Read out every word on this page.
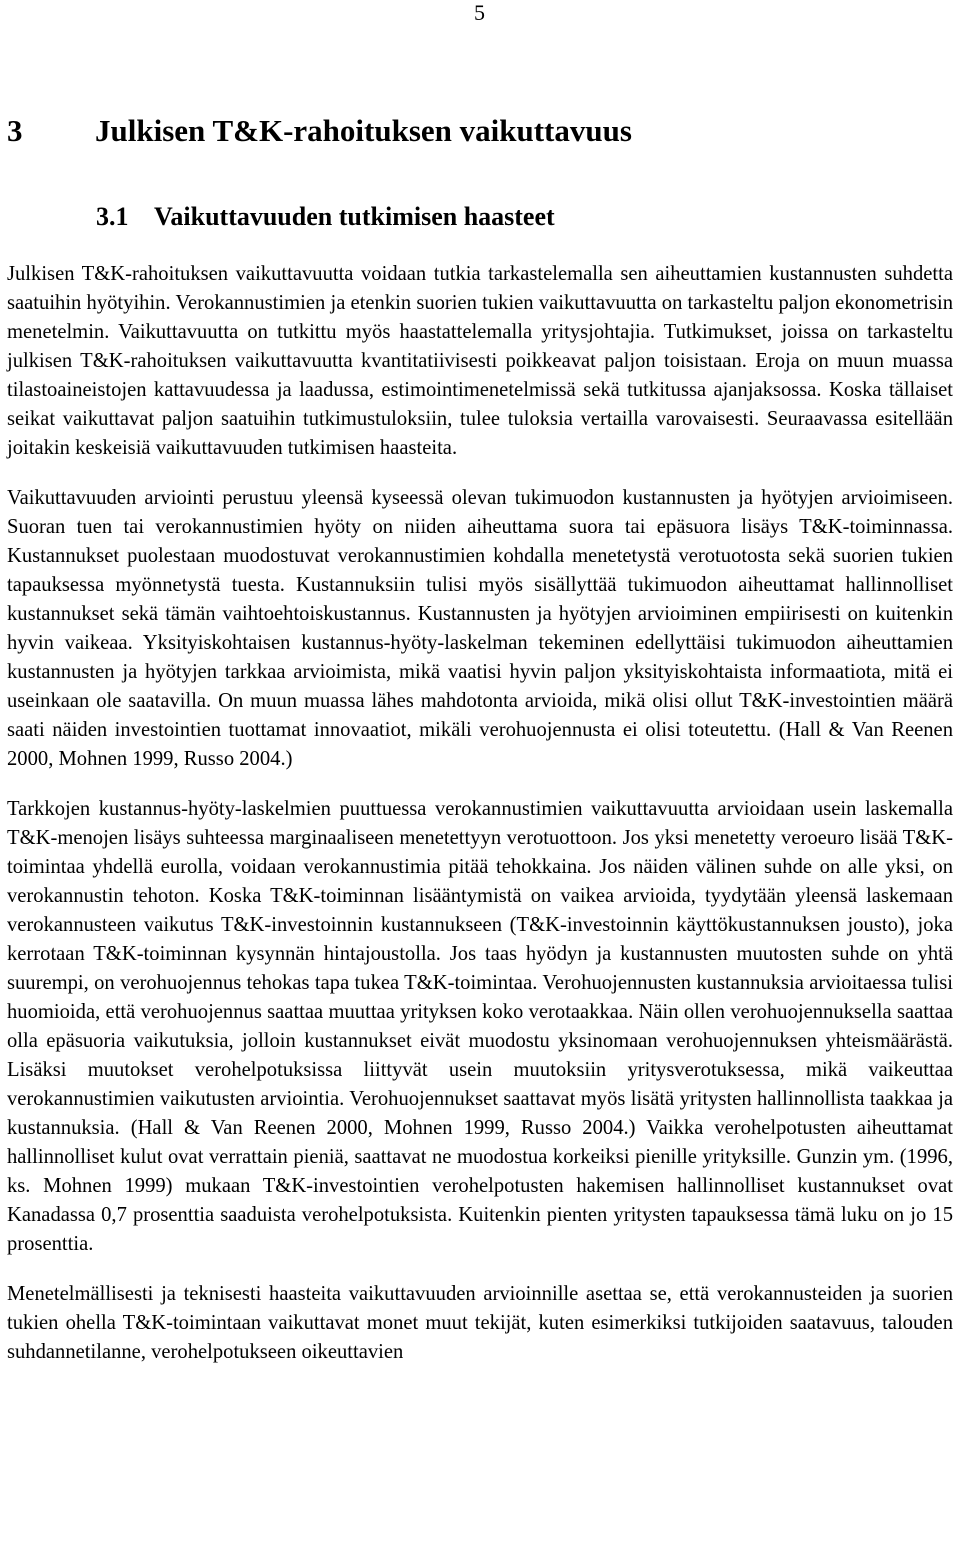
5
3 Julkisen T&K-rahoituksen vaikuttavuus
3.1 Vaikuttavuuden tutkimisen haasteet

Julkisen T&K-rahoituksen vaikuttavuutta voidaan tutkia tarkastelemalla sen aiheuttamien kustannusten suhdetta saatuihin hyötyihin. Verokannustimien ja etenkin suorien tukien vaikuttavuutta on tarkasteltu paljon ekonometrisin menetelmin. Vaikuttavuutta on tutkittu myös haastattelemalla yritysjohtajia. Tutkimukset, joissa on tarkasteltu julkisen T&K-rahoituksen vaikuttavuutta kvantitatiivisesti poikkeavat paljon toisistaan. Eroja on muun muassa tilastoaineistojen kattavuudessa ja laadussa, estimointimenetelmissä sekä tutkitussa ajanjaksossa. Koska tällaiset seikat vaikuttavat paljon saatuihin tutkimustuloksiin, tulee tuloksia vertailla varovaisesti. Seuraavassa esitellään joitakin keskeisiä vaikuttavuuden tutkimisen haasteita.

Vaikuttavuuden arviointi perustuu yleensä kyseessä olevan tukimuodon kustannusten ja hyötyjen arvioimiseen. Suoran tuen tai verokannustimien hyöty on niiden aiheuttama suora tai epäsuora lisäys T&K-toiminnassa. Kustannukset puolestaan muodostuvat verokannustimien kohdalla menetetystä verotuotosta sekä suorien tukien tapauksessa myönnetystä tuesta. Kustannuksiin tulisi myös sisällyttää tukimuodon aiheuttamat hallinnolliset kustannukset sekä tämän vaihtoehtoiskustannus. Kustannusten ja hyötyjen arvioiminen empiirisesti on kuitenkin hyvin vaikeaa. Yksityiskohtaisen kustannus-hyöty-laskelman tekeminen edellyttäisi tukimuodon aiheuttamien kustannusten ja hyötyjen tarkkaa arvioimista, mikä vaatisi hyvin paljon yksityiskohtaista informaatiota, mitä ei useinkaan ole saatavilla. On muun muassa lähes mahdotonta arvioida, mikä olisi ollut T&K-investointien määrä saati näiden investointien tuottamat innovaatiot, mikäli verohuojennusta ei olisi toteutettu. (Hall & Van Reenen 2000, Mohnen 1999, Russo 2004.)

Tarkkojen kustannus-hyöty-laskelmien puuttuessa verokannustimien vaikuttavuutta arvioidaan usein laskemalla T&K-menojen lisäys suhteessa marginaaliseen menetettyyn verotuottoon. Jos yksi menetetty veroeuro lisää T&K-toimintaa yhdellä eurolla, voidaan verokannustimia pitää tehokkaina. Jos näiden välinen suhde on alle yksi, on verokannustin tehoton. Koska T&K-toiminnan lisääntymistä on vaikea arvioida, tyydytään yleensä laskemaan verokannusteen vaikutus T&K-investoinnin kustannukseen (T&K-investoinnin käyttökustannuksen jousto), joka kerrotaan T&K-toiminnan kysynnän hintajoustolla. Jos taas hyödyn ja kustannusten muutosten suhde on yhtä suurempi, on verohuojennus tehokas tapa tukea T&K-toimintaa. Verohuojennusten kustannuksia arvioitaessa tulisi huomioida, että verohuojennus saattaa muuttaa yrityksen koko verotaakkaa. Näin ollen verohuojennuksella saattaa olla epäsuoria vaikutuksia, jolloin kustannukset eivät muodostu yksinomaan verohuojennuksen yhteismäärästä. Lisäksi muutokset verohelpotuksissa liittyvät usein muutoksiin yritysverotuksessa, mikä vaikeuttaa verokannustimien vaikutusten arviointia. Verohuojennukset saattavat myös lisätä yritysten hallinnollista taakkaa ja kustannuksia. (Hall & Van Reenen 2000, Mohnen 1999, Russo 2004.) Vaikka verohelpotusten aiheuttamat hallinnolliset kulut ovat verrattain pieniä, saattavat ne muodostua korkeiksi pienille yrityksille. Gunzin ym. (1996, ks. Mohnen 1999) mukaan T&K-investointien verohelpotusten hakemisen hallinnolliset kustannukset ovat Kanadassa 0,7 prosenttia saaduista verohelpotuksista. Kuitenkin pienten yritysten tapauksessa tämä luku on jo 15 prosenttia.

Menetelmällisesti ja teknisesti haasteita vaikuttavuuden arvioinnille asettaa se, että verokannusteiden ja suorien tukien ohella T&K-toimintaan vaikuttavat monet muut tekijät, kuten esimerkiksi tutkijoiden saatavuus, talouden suhdannetilanne, verohelpotukseen oikeuttavien
